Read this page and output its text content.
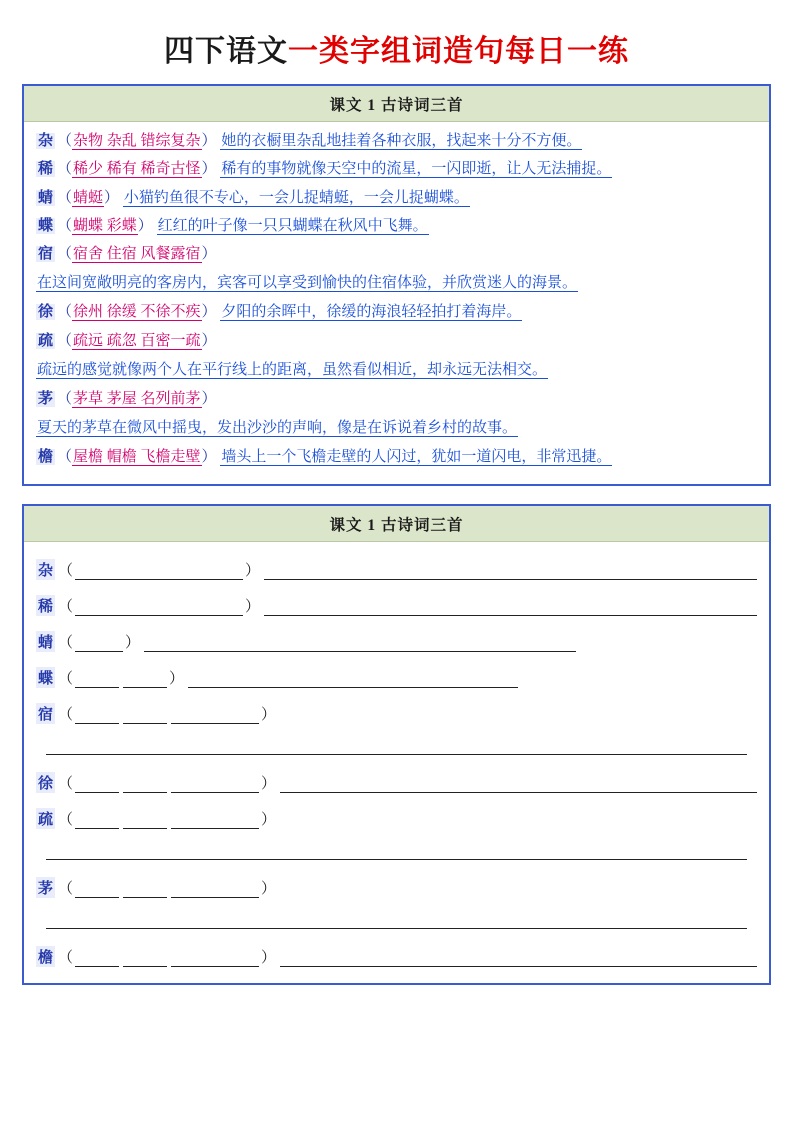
四下语文一类字组词造句每日一练
课文 1 古诗词三首
杂 （杂物 杂乱 错综复杂） 她的衣橱里杂乱地挂着各种衣服，找起来十分不方便。
稀 （稀少 稀有 稀奇古怪） 稀有的事物就像天空中的流星，一闪即逝，让人无法捕捉。
蜻 （蜻蜓） 小猫钓鱼很不专心，一会儿捉蜻蜓，一会儿捉蝴蝶。
蝶 （蝴蝶 彩蝶） 红红的叶子像一只只蝴蝶在秋风中飞舞。
宿 （宿舍 住宿 风餐露宿）
在这间宽敞明亮的客房内，宾客可以享受到愉快的住宿体验，并欣赏迷人的海景。
徐 （徐州 徐缓 不徐不疾） 夕阳的余晖中，徐缓的海浪轻轻拍打着海岸。
疏 （疏远 疏忽 百密一疏）
疏远的感觉就像两个人在平行线上的距离，虽然看似相近，却永远无法相交。
茅 （茅草 茅屋 名列前茅）
夏天的茅草在微风中摇曳，发出沙沙的声响，像是在诉说着乡村的故事。
檐 （屋檐 帽檐 飞檐走壁） 墙头上一个飞檐走壁的人闪过，犹如一道闪电，非常迅捷。
课文 1 古诗词三首
杂 （	）
稀 （	）
蜻 （	）
蝶 （	）
宿 （	）
徐 （	）
疏 （	）
茅 （	）
檐 （	）
